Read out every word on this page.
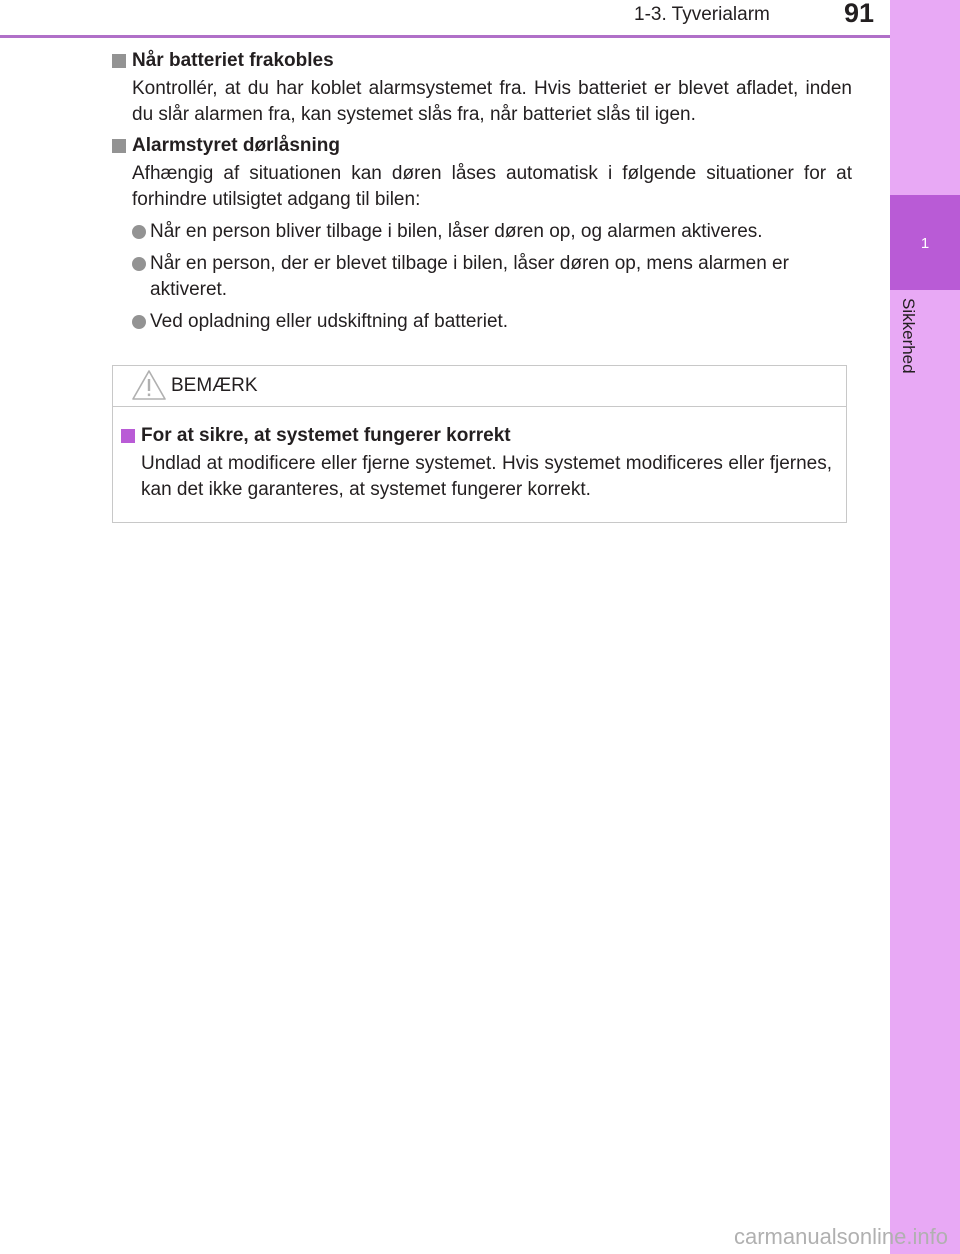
1-3. Tyverialarm	91
1
Sikkerhed
Når batteriet frakobles
Kontrollér, at du har koblet alarmsystemet fra. Hvis batteriet er blevet afladet, inden du slår alarmen fra, kan systemet slås fra, når batteriet slås til igen.
Alarmstyret dørlåsning
Afhængig af situationen kan døren låses automatisk i følgende situationer for at forhindre utilsigtet adgang til bilen:
Når en person bliver tilbage i bilen, låser døren op, og alarmen aktiveres.
Når en person, der er blevet tilbage i bilen, låser døren op, mens alarmen er aktiveret.
Ved opladning eller udskiftning af batteriet.
BEMÆRK
For at sikre, at systemet fungerer korrekt
Undlad at modificere eller fjerne systemet. Hvis systemet modificeres eller fjernes, kan det ikke garanteres, at systemet fungerer korrekt.
carmanualsonline.info
